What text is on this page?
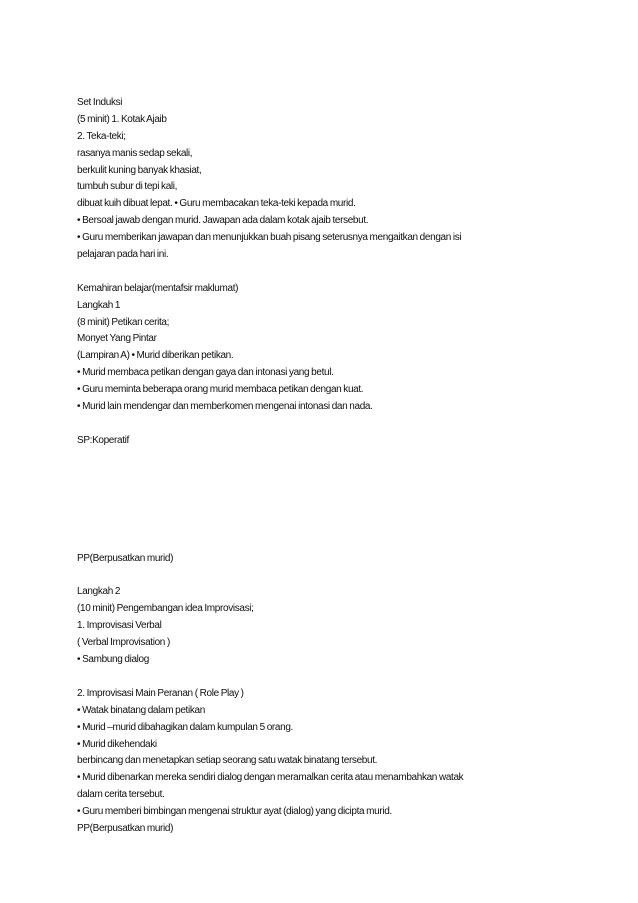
Set Induksi
(5 minit) 1. Kotak Ajaib
2. Teka-teki;
rasanya manis sedap sekali,
berkulit kuning banyak khasiat,
tumbuh subur di tepi kali,
dibuat kuih dibuat lepat. • Guru membacakan teka-teki kepada murid.
• Bersoal jawab dengan murid. Jawapan ada dalam kotak ajaib tersebut.
• Guru memberikan jawapan dan menunjukkan buah pisang seterusnya mengaitkan dengan isi
pelajaran pada hari ini.
Kemahiran belajar(mentafsir maklumat)
Langkah 1
(8 minit) Petikan cerita;
Monyet Yang Pintar
(Lampiran A) • Murid diberikan petikan.
• Murid membaca petikan dengan gaya dan intonasi yang betul.
• Guru meminta beberapa orang murid membaca petikan dengan kuat.
• Murid lain mendengar dan memberkomen mengenai intonasi dan nada.
SP:Koperatif
PP(Berpusatkan murid)
Langkah 2
(10 minit) Pengembangan idea Improvisasi;
1. Improvisasi Verbal
( Verbal Improvisation )
• Sambung dialog
2. Improvisasi Main Peranan ( Role Play )
• Watak binatang dalam petikan
• Murid –murid dibahagikan dalam kumpulan 5 orang.
• Murid dikehendaki
berbincang dan menetapkan setiap seorang satu watak binatang tersebut.
• Murid dibenarkan mereka sendiri dialog dengan meramalkan cerita atau menambahkan watak
dalam cerita tersebut.
• Guru memberi bimbingan mengenai struktur ayat (dialog) yang dicipta murid.
PP(Berpusatkan murid)
